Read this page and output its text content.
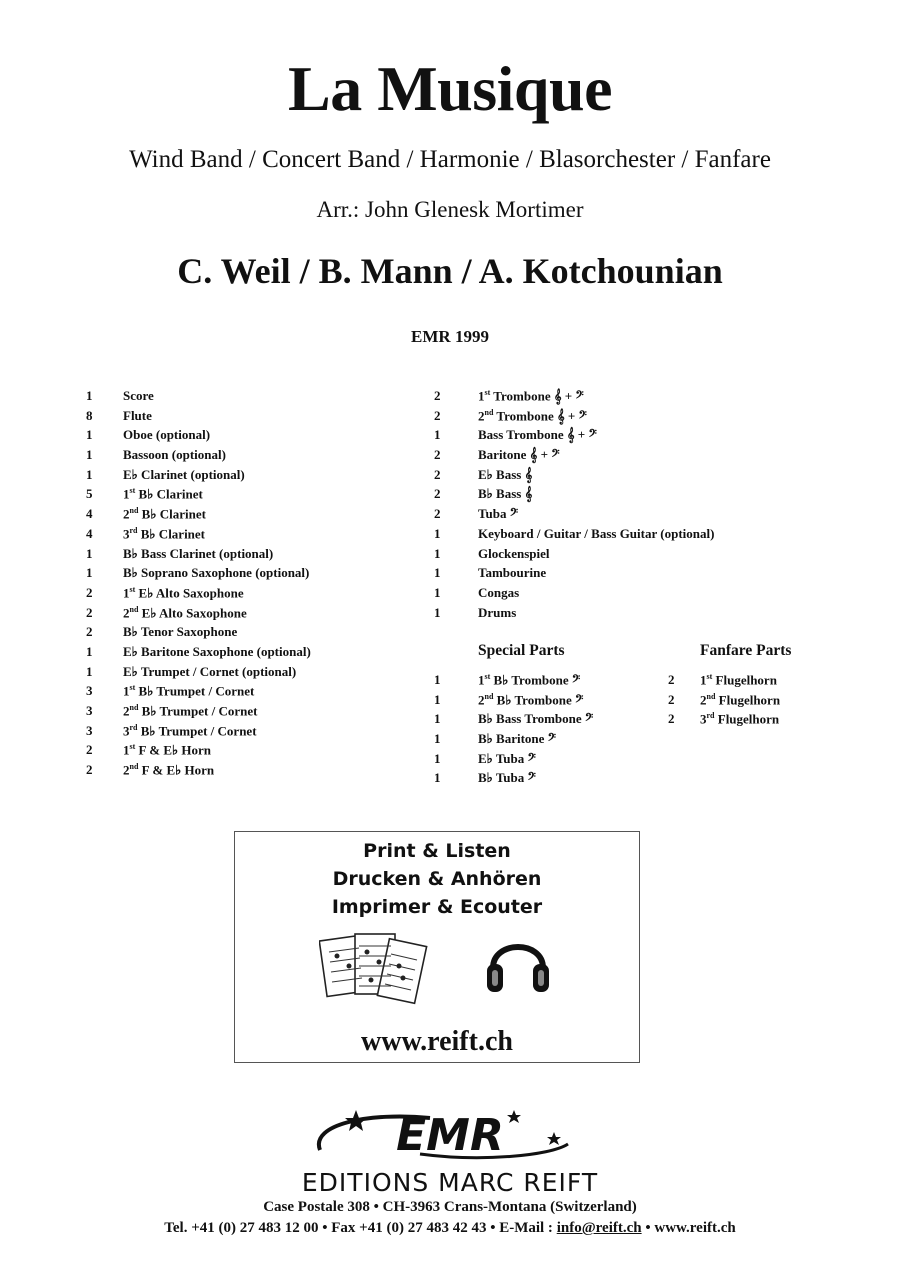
La Musique
Wind Band / Concert Band / Harmonie / Blasorchester / Fanfare
Arr.: John Glenesk Mortimer
C. Weil / B. Mann / A. Kotchounian
EMR 1999
1	Score
8	Flute
1	Oboe (optional)
1	Bassoon (optional)
1	E♭ Clarinet (optional)
5	1st B♭ Clarinet
4	2nd B♭ Clarinet
4	3rd B♭ Clarinet
1	B♭ Bass Clarinet (optional)
1	B♭ Soprano Saxophone (optional)
2	1st E♭ Alto Saxophone
2	2nd E♭ Alto Saxophone
2	B♭ Tenor Saxophone
1	E♭ Baritone Saxophone (optional)
1	E♭ Trumpet / Cornet (optional)
3	1st B♭ Trumpet / Cornet
3	2nd B♭ Trumpet / Cornet
3	3rd B♭ Trumpet / Cornet
2	1st F & E♭ Horn
2	2nd F & E♭ Horn
2	1st Trombone 𝄞 + 𝄢
2	2nd Trombone 𝄞 + 𝄢
1	Bass Trombone 𝄞 + 𝄢
2	Baritone 𝄞 + 𝄢
2	E♭ Bass 𝄞
2	B♭ Bass 𝄞
2	Tuba 𝄢
1	Keyboard / Guitar / Bass Guitar (optional)
1	Glockenspiel
1	Tambourine
1	Congas
1	Drums
Special Parts	Fanfare Parts
1	1st B♭ Trombone 𝄢
1	2nd B♭ Trombone 𝄢
1	B♭ Bass Trombone 𝄢
1	B♭ Baritone 𝄢
1	E♭ Tuba 𝄢
1	B♭ Tuba 𝄢
2	1st Flugelhorn
2	2nd Flugelhorn
2	3rd Flugelhorn
Print & Listen
Drucken & Anhören
Imprimer & Ecouter
www.reift.ch
EMR
EDITIONS MARC REIFT
Case Postale 308 • CH-3963 Crans-Montana (Switzerland)
Tel. +41 (0) 27 483 12 00 • Fax +41 (0) 27 483 42 43 • E-Mail : info@reift.ch • www.reift.ch
